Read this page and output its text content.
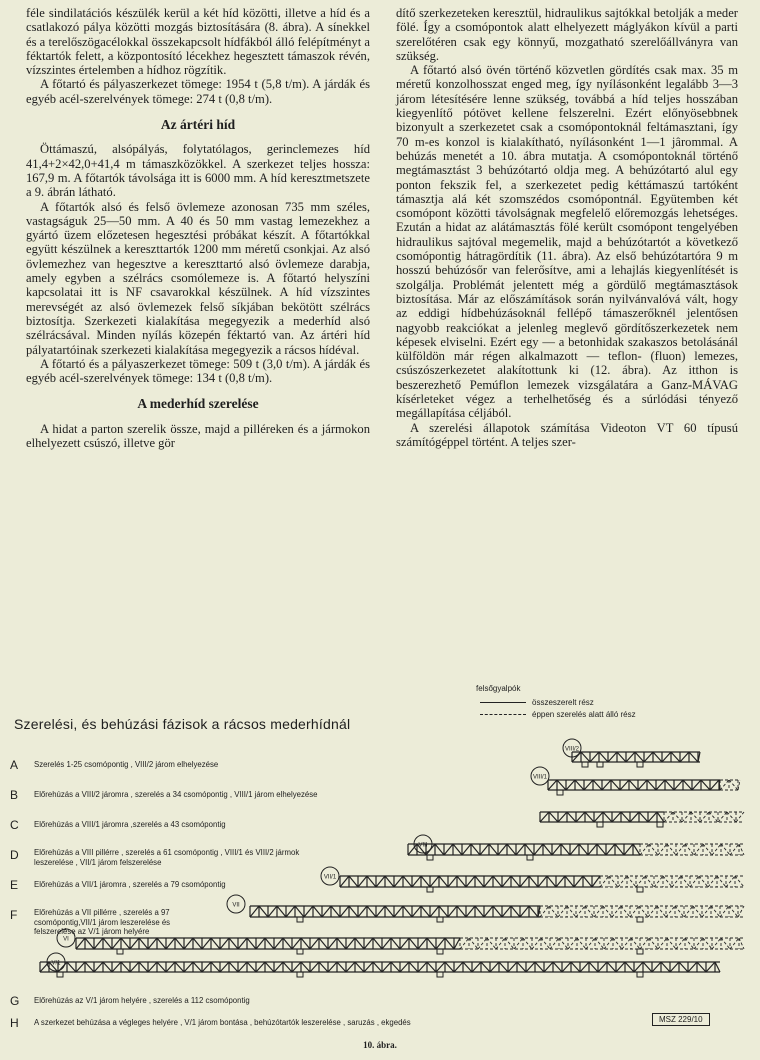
féle sindilatációs készülék kerül a két híd közötti, illetve a híd és a csatlakozó pálya közötti mozgás biztosítására (8. ábra). A sínekkel és a terelőszögacélokkal összekapcsolt hídfákból álló felépítményt a féktartók felett, a központosító lécekhez hegesztett támaszok révén, vízszintes értelemben a hídhoz rögzítik.

A főtartó és pályaszerkezet tömege: 1954 t (5,8 t/m). A járdák és egyéb acél-szerelvények tömege: 274 t (0,8 t/m).

Az ártéri híd

Öttámaszú, alsópályás, folytatólagos, gerinclemezes híd 41,4+2×42,0+41,4 m támaszközökkel. A szerkezet teljes hossza: 167,9 m. A főtartók távolsága itt is 6000 mm. A híd keresztmetszete a 9. ábrán látható.

A főtartók alsó és felső övlemeze azonosan 735 mm széles, vastagságuk 25—50 mm. A 40 és 50 mm vastag lemezekhez a gyártó üzem előzetesen hegesztési próbákat készít. A főtartókkal együtt készülnek a kereszttartók 1200 mm méretű csonkjai. Az alsó övlemezhez van hegesztve a kereszttartó alsó övlemeze darabja, amely egyben a szélrács csomólemeze is. A főtartó helyszíni kapcsolatai itt is NF csavarokkal készülnek. A híd vízszintes merevségét az alsó övlemezek felső síkjában bekötött szélrács biztosítja. Szerkezeti kialakítása megegyezik a mederhíd alsó szélrácsával. Minden nyílás közepén féktartó van. Az ártéri híd pályatartóinak szerkezeti kialakítása megegyezik a rácsos hídéval.

A főtartó és a pályaszerkezet tömege: 509 t (3,0 t/m). A járdák és egyéb acél-szerelvények tömege: 134 t (0,8 t/m).

A mederhíd szerelése

A hidat a parton szerelik össze, majd a pilléreken és a jármokon elhelyezett csúszó, illetve gör

dítő szerkezeteken keresztül, hidraulikus sajtókkal betolják a meder fölé. Így a csomópontok alatt elhelyezett máglyákon kívül a parti szerelőtéren csak egy könnyű, mozgatható szerelőállványra van szükség.

A főtartó alsó övén történő közvetlen gördítés csak max. 35 m méretű konzolhosszat enged meg, így nyílásonként legalább 3—3 járom létesítésére lenne szükség, továbbá a híd teljes hosszában kiegyenlítő pótövet kellene felszerelni. Ezért előnyösebbnek bizonyult a szerkezetet csak a csomópontoknál feltámasztani, így 70 m-es konzol is kialakítható, nyílásonként 1—1 jârommal. A behúzás menetét a 10. ábra mutatja. A csomópontoknál történő megtámasztást 3 behúzótartó oldja meg. A behúzótartó alul egy ponton fekszik fel, a szerkezetet pedig kéttámaszú tartóként támasztja alá két szomszédos csomópontnál. Együtemben két csomópont közötti távolságnak megfelelő előremozgás lehetséges. Ezután a hidat az alátámasztás fölé került csomópont tengelyében hidraulikus sajtóval megemelik, majd a behúzótartót a következő csomópontig hátragördítik (11. ábra). Az első behúzótartóra 9 m hosszú behúzósőr van felerősítve, ami a lehajlás kiegyenlítését is szolgálja. Problémát jelentett még a gördülő megtámasztások biztosítása. Már az előszámítások során nyilvánvalóvá vált, hogy az eddigi hídbehúzásoknál fellépő támaszerőknél jelentősen nagyobb reakciókat a jelenleg meglevő gördítőszerkezetek nem képesek elviselni. Ezért egy — a betonhidak szakaszos betolásánál külföldön már régen alkalmazott — teflon- (fluon) lemezes, csúszószerkezetet alakítottunk ki (12. ábra). Az itthon is beszerezhető Pemúflon lemezek vizsgálatára a Ganz-MÁVAG kísérleteket végez a terhelhetőség és a súrlódási tényező megállapítása céljából.

A szerelési állapotok számítása Videoton VT 60 típusú számítógéppel történt. A teljes szer-

VIII/2
VIII/1
VIII
VII/1
VII
VI
V/1
felsőgyalpók
összeszerelt rész
éppen szerelés alatt álló rész
Szerelési, és behúzási fázisok a rácsos mederhídnál
A Szerelés 1-25 csomópontig , VIII/2 járom elhelyezése
B Előrehúzás a VIII/2 járomra , szerelés a 34 csomópontig , VIII/1 járom elhelyezése
C Előrehúzás a VIII/1 járomra ,szerelés a 43 csomópontig
D Előrehúzás a VIII pillérre , szerelés a 61 csomópontig , VIII/1 és VIII/2 jármok leszerelése , VII/1 járom felszerelése
E Előrehúzás a VII/1 járomra , szerelés a 79 csomópontig
F Előrehúzás a VII pillérre , szerelés a 97 csomópontig,VII/1 járom leszerelése és felszerelése az V/1 járom helyére
G Előrehúzás az V/1 járom helyére , szerelés a 112 csomópontig
H A szerkezet behúzása a végleges helyére , V/1 járom bontása , behúzótartók leszerelése , saruzás , ekgedés	MSZ 229/10
10. ábra.
